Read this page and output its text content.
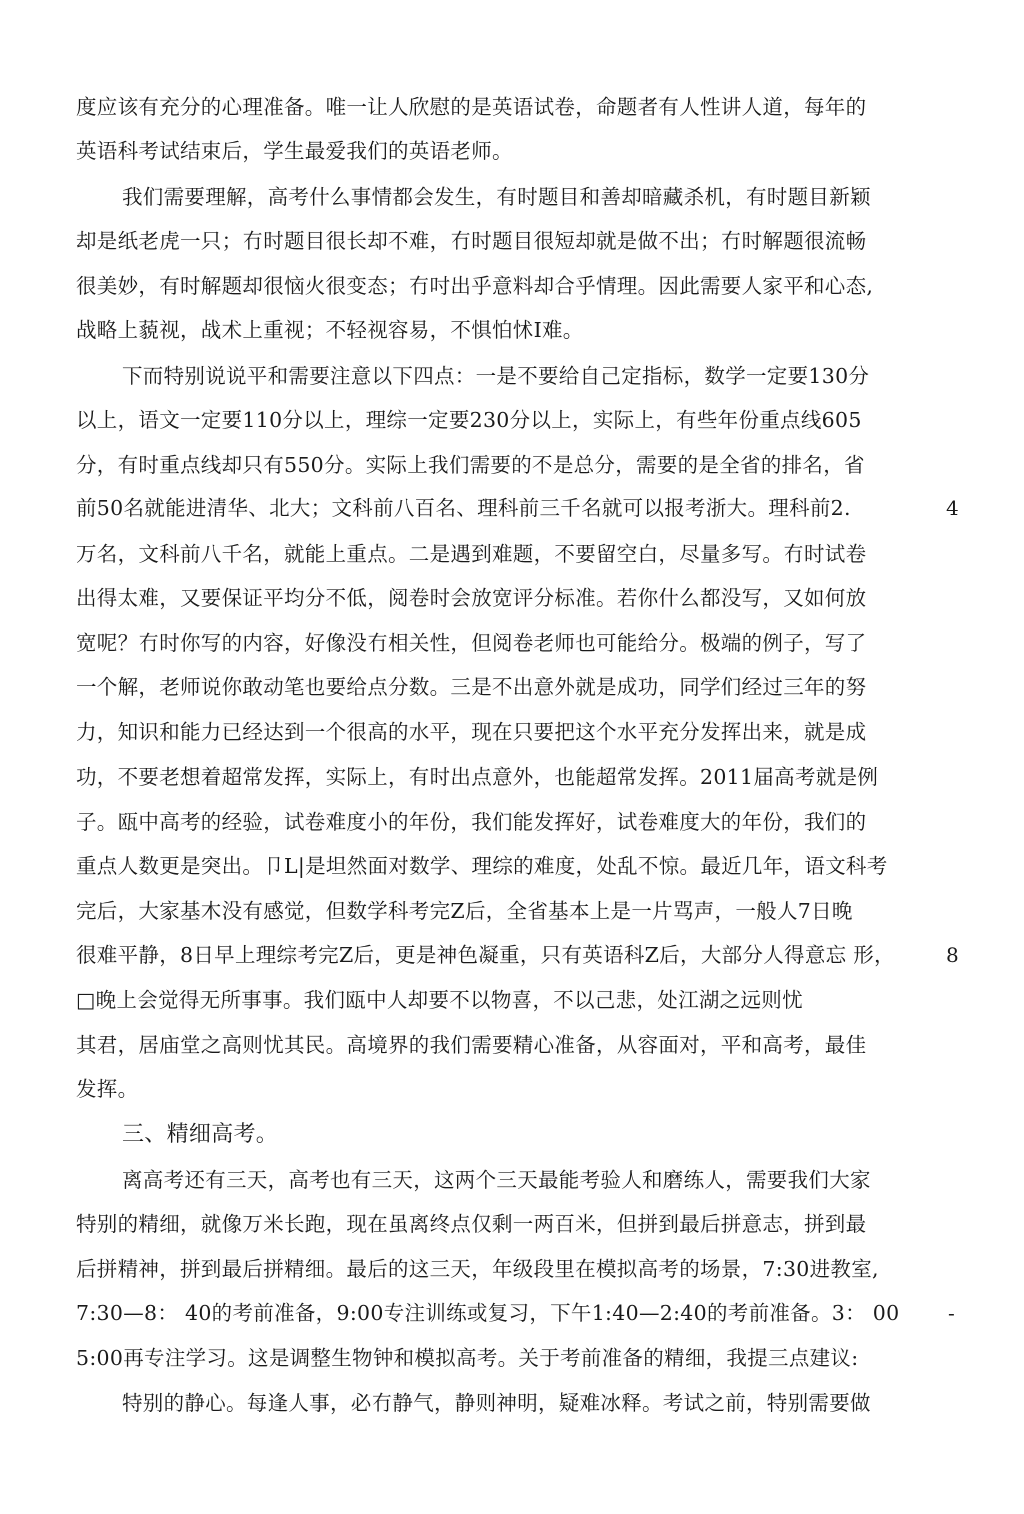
度应该有充分的心理准备。唯一让人欣慰的是英语试卷，命题者有人性讲人道，每年的
英语科考试结束后，学生最爱我们的英语老师。
我们需要理解，高考什么事情都会发生，有时题目和善却暗藏杀机，有时题目新颖
却是纸老虎一只；冇时题目很长却不难，冇时题目很短却就是做不出；冇时解题很流畅
很美妙，有时解题却很恼火很变态；冇吋出乎意料却合乎情理。因此需要人家平和心态,
战略上藐视，战术上重视；不轻视容易，不惧怕怵I难。
下而特别说说平和需要注意以下四点：一是不要给自己定指标，数学一定要130分
以上，语文一定要110分以上，理综一定要230分以上，实际上，有些年份重点线605
分，有时重点线却只有550分。实际上我们需要的不是总分，需要的是全省的排名，省
前50名就能进清华、北大；文科前八百名、理科前三千名就可以报考浙大。理科前2.	4
万名，文科前八千名，就能上重点。二是遇到难题，不要留空白，尽量多写。冇时试卷
出得太难，又要保证平均分不低，阅卷时会放宽评分标准。若你什么都没写，又如何放
宽呢？冇时你写的内容，好像没冇相关性，但阅卷老师也可能给分。极端的例子，写了
一个解，老师说你敢动笔也要给点分数。三是不出意外就是成功，同学们经过三年的努
力，知识和能力已经达到一个很高的水平，现在只要把这个水平充分发挥出来，就是成
功，不要老想着超常发挥，实际上，有时出点意外，也能超常发挥。2011届高考就是例
子。瓯中高考的经验，试卷难度小的年份，我们能发挥好，试卷难度大的年份，我们的
重点人数更是突出。卩L|是坦然面对数学、理综的难度，处乱不惊。最近几年，语文科考
完后，大家基木没有感觉，但数学科考完Z后，全省基本上是一片骂声，一般人7日晚
很难平静，8日早上理综考完Z后，更是神色凝重，只有英语科Z后，大部分人得意忘 形，	8
□晚上会觉得无所事事。我们瓯中人却要不以物喜，不以己悲，处江湖之远则忧
其君，居庙堂之高则忧其民。高境界的我们需要精心准备，从容面对，平和高考，最佳
发挥。
三、精细高考。
离高考还有三天，高考也有三天，这两个三天最能考验人和磨练人，需要我们大家
特别的精细，就像万米长跑，现在虽离终点仅剩一两百米，但拼到最后拼意志，拼到最
后拼精神，拼到最后拼精细。最后的这三天，年级段里在模拟高考的场景，7:30进教室,
7:30—8： 40的考前准备，9:00专注训练或复习，下午1:40—2:40的考前准备。3： 00 -
5:00再专注学习。这是调整生物钟和模拟高考。关于考前准备的精细，我提三点建议:
特别的静心。每逢人事，必冇静气，静则神明，疑难冰释。考试之前，特别需要做
